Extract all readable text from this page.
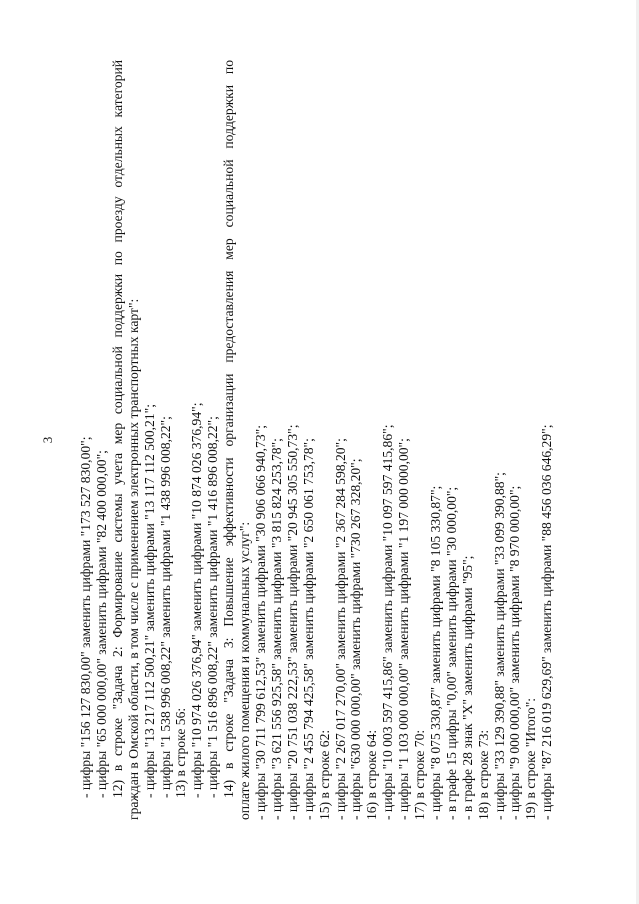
3 - цифры "156 127 830,00" заменить цифрами "173 527 830,00"; - цифры "65 000 000,00" заменить цифрами "82 400 000,00"; 12) в строке "Задача 2: Формирование системы учета мер социальной поддержки по проезду отдельных категорий граждан в Омской области, в том числе с применением электронных транспортных карт": - цифры "13 217 112 500,21" заменить цифрами "13 117 112 500,21"; - цифры "1 538 996 008,22" заменить цифрами "1 438 996 008,22"; 13) в строке 56: - цифры "10 974 026 376,94" заменить цифрами "10 874 026 376,94"; - цифры "1 516 896 008,22" заменить цифрами "1 416 896 008,22"; 14) в строке "Задача 3: Повышение эффективности организации предоставления мер социальной поддержки по оплате жилого помещения и коммунальных услуг": - цифры "30 711 799 612,53" заменить цифрами "30 906 066 940,73"; - цифры "3 621 556 925,58" заменить цифрами "3 815 824 253,78"; - цифры "20 751 038 222,53" заменить цифрами "20 945 305 550,73"; - цифры "2 455 794 425,58" заменить цифрами "2 650 061 753,78"; 15) в строке 62: - цифры "2 267 017 270,00" заменить цифрами "2 367 284 598,20"; - цифры "630 000 000,00" заменить цифрами "730 267 328,20"; 16) в строке 64: - цифры "10 003 597 415,86" заменить цифрами "10 097 597 415,86"; - цифры "1 103 000 000,00" заменить цифрами "1 197 000 000,00"; 17) в строке 70: - цифры "8 075 330,87" заменить цифрами "8 105 330,87"; - в графе 15 цифры "0,00" заменить цифрами "30 000,00"; - в графе 28 знак "X" заменить цифрами "95"; 18) в строке 73: - цифры "33 129 390,88" заменить цифрами "33 099 390,88"; - цифры "9 000 000,00" заменить цифрами "8 970 000,00"; 19) в строке "Итого": - цифры "87 216 019 629,69" заменить цифрами "88 456 036 646,29";
